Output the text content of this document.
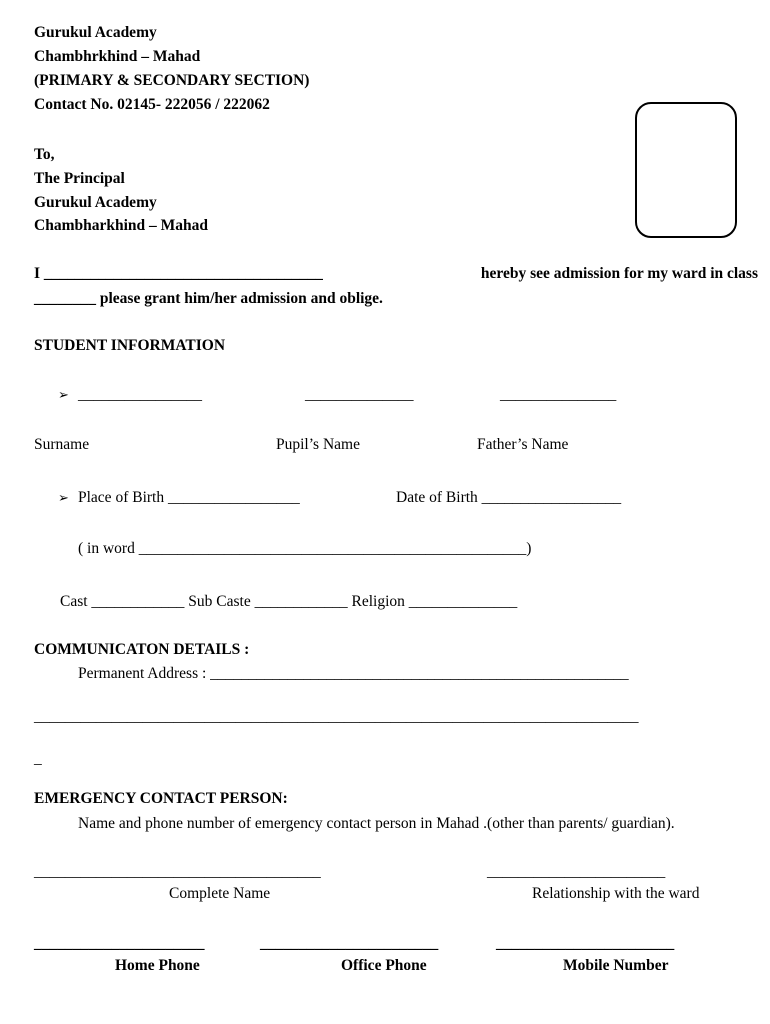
Gurukul Academy
Chambhrkhind – Mahad
(PRIMARY & SECONDARY SECTION)
Contact No. 02145- 222056 / 222062
To,
The Principal
Gurukul Academy
Chambharkhind – Mahad
I ____________________________________	hereby see admission for my ward in class
________ please grant him/her admission and oblige.
STUDENT INFORMATION
➢ ________________	______________	_______________
Surname	Pupil’s Name	Father’s Name
➢ Place of Birth _________________	Date of Birth __________________
( in word __________________________________________________)
Cast ____________ Sub Caste ____________ Religion ______________
COMMUNICATON DETAILS :
Permanent Address : ______________________________________________________
______________________________________________________________________________
_
EMERGENCY CONTACT PERSON:
Name and phone number of emergency contact person in Mahad .(other than parents/ guardian).
_____________________________________	_______________________
Complete Name	Relationship with the ward
______________________	_______________________	_______________________
Home Phone	Office Phone	Mobile Number
